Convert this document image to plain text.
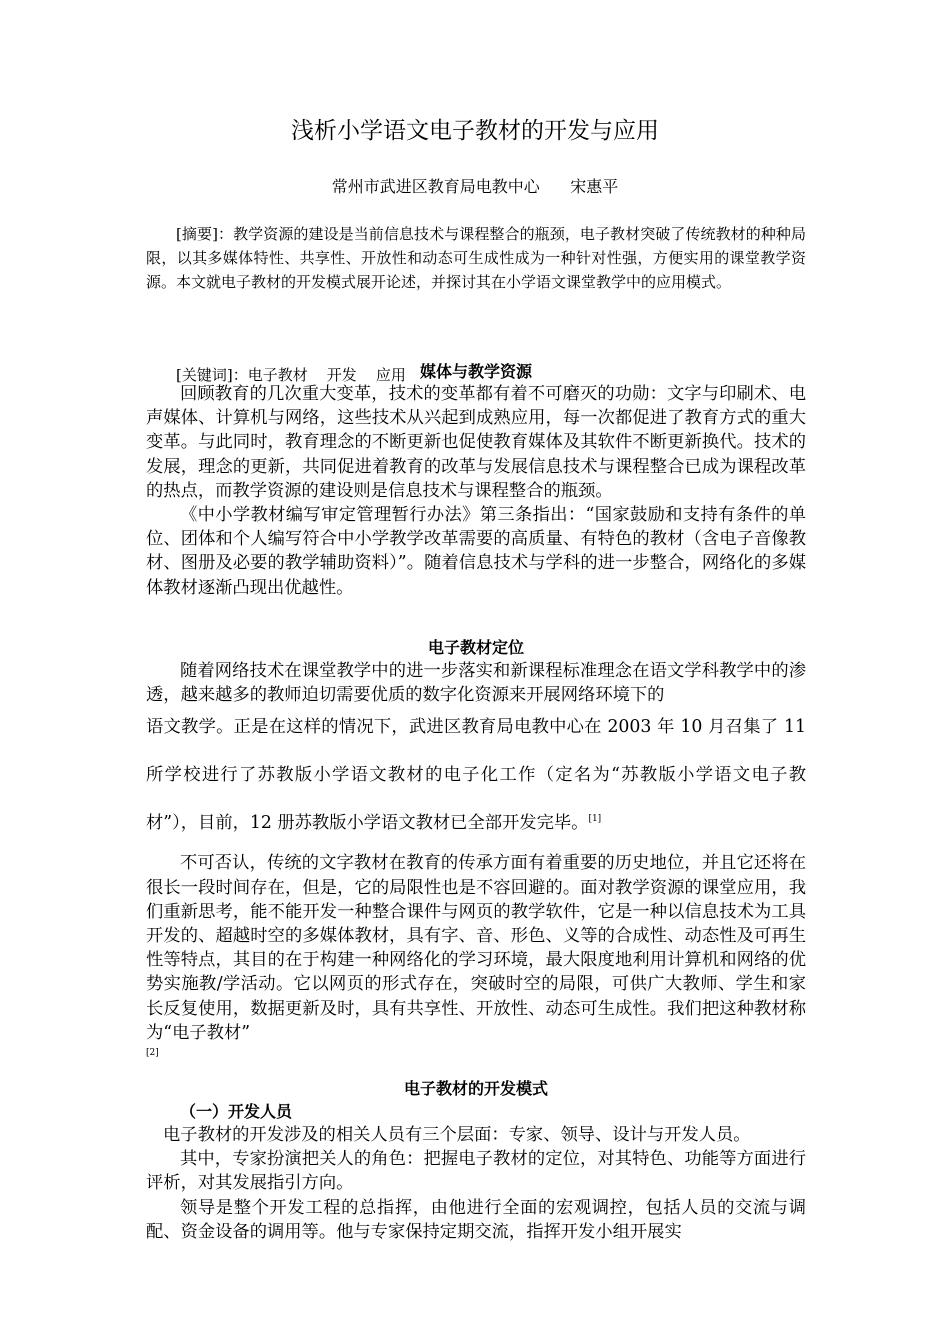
浅析小学语文电子教材的开发与应用
常州市武进区教育局电教中心      宋惠平

[摘要]：教学资源的建设是当前信息技术与课程整合的瓶颈，电子教材突破了传统教材的种种局限，以其多媒体特性、共享性、开放性和动态可生成性成为一种针对性强，方便实用的课堂教学资源。本文就电子教材的开发模式展开论述，并探讨其在小学语文课堂教学中的应用模式。

[关键词]：电子教材    开发    应用

媒体与教学资源

回顾教育的几次重大变革，技术的变革都有着不可磨灭的功勋：文字与印刷术、电声媒体、计算机与网络，这些技术从兴起到成熟应用，每一次都促进了教育方式的重大变革。与此同时，教育理念的不断更新也促使教育媒体及其软件不断更新换代。技术的发展，理念的更新，共同促进着教育的改革与发展信息技术与课程整合已成为课程改革的热点，而教学资源的建设则是信息技术与课程整合的瓶颈。

《中小学教材编写审定管理暂行办法》第三条指出：“国家鼓励和支持有条件的单位、团体和个人编写符合中小学教学改革需要的高质量、有特色的教材（含电子音像教材、图册及必要的教学辅助资料）”。随着信息技术与学科的进一步整合，网络化的多媒体教材逐渐凸现出优越性。

电子教材定位

随着网络技术在课堂教学中的进一步落实和新课程标准理念在语文学科教学中的渗透，越来越多的教师迫切需要优质的数字化资源来开展网络环境下的

语文教学。正是在这样的情况下，武进区教育局电教中心在 2003 年 10 月召集了 11 所学校进行了苏教版小学语文教材的电子化工作（定名为“苏教版小学语文电子教材”），目前，12 册苏教版小学语文教材已全部开发完毕。[1]

不可否认，传统的文字教材在教育的传承方面有着重要的历史地位，并且它还将在很长一段时间存在，但是，它的局限性也是不容回避的。面对教学资源的课堂应用，我们重新思考，能不能开发一种整合课件与网页的教学软件，它是一种以信息技术为工具开发的、超越时空的多媒体教材，具有字、音、形色、义等的合成性、动态性及可再生性等特点，其目的在于构建一种网络化的学习环境，最大限度地利用计算机和网络的优势实施教/学活动。它以网页的形式存在，突破时空的局限，可供广大教师、学生和家长反复使用，数据更新及时，具有共享性、开放性、动态可生成性。我们把这种教材称为“电子教材”
[2]

电子教材的开发模式
（一）开发人员

电子教材的开发涉及的相关人员有三个层面：专家、领导、设计与开发人员。

其中，专家扮演把关人的角色：把握电子教材的定位，对其特色、功能等方面进行评析，对其发展指引方向。

领导是整个开发工程的总指挥，由他进行全面的宏观调控，包括人员的交流与调配、资金设备的调用等。他与专家保持定期交流，指挥开发小组开展实
